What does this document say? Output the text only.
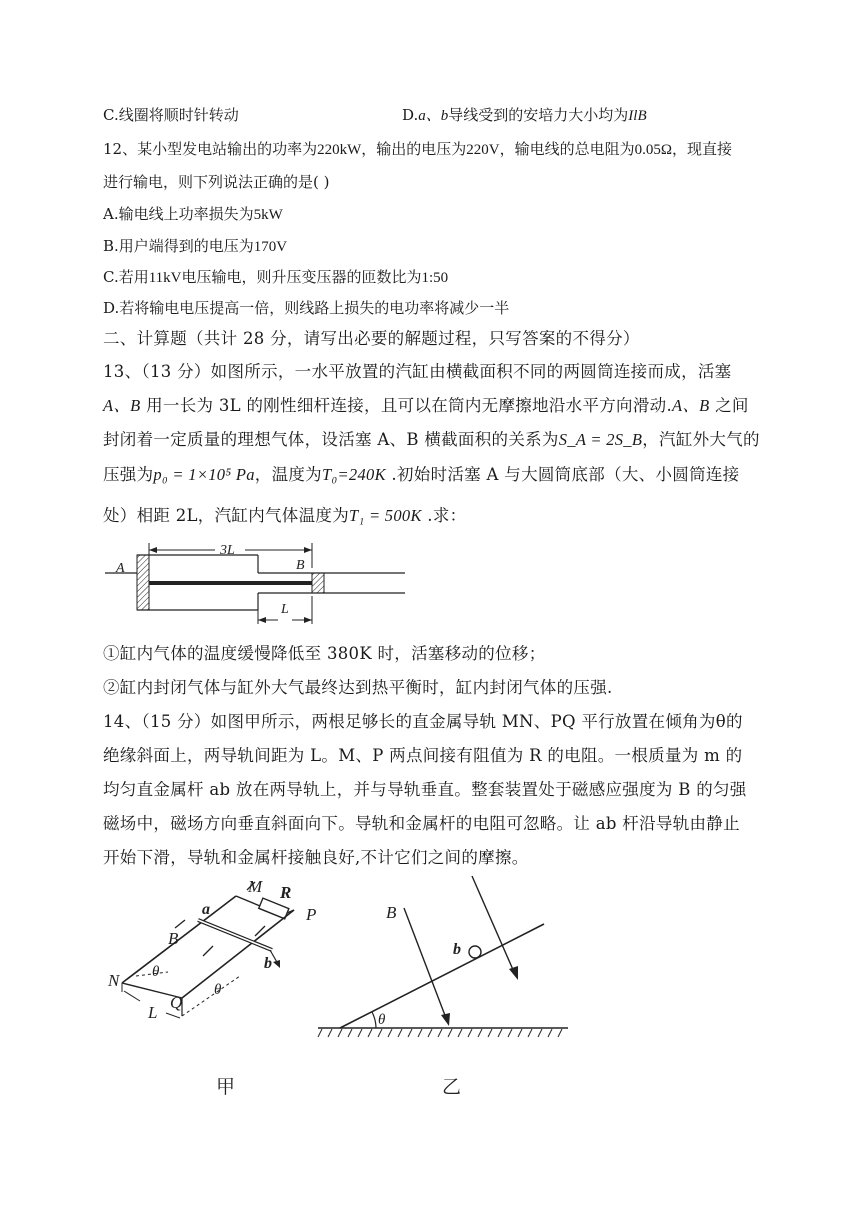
C.线圈将顺时针转动	D.a、b导线受到的安培力大小均为IlB
12、某小型发电站输出的功率为220kW，输出的电压为220V，输电线的总电阻为0.05Ω，现直接
进行输电，则下列说法正确的是( )
A.输电线上功率损失为5kW
B.用户端得到的电压为170V
C.若用11kV电压输电，则升压变压器的匝数比为1:50
D.若将输电电压提高一倍，则线路上损失的电功率将减少一半
二、计算题（共计 28 分，请写出必要的解题过程，只写答案的不得分）
13、（13 分）如图所示，一水平放置的汽缸由横截面积不同的两圆筒连接而成，活塞
A、B 用一长为 3L 的刚性细杆连接，且可以在筒内无摩擦地沿水平方向滑动.A、B 之间
封闭着一定质量的理想气体，设活塞 A、B 横截面积的关系为S_A = 2S_B，汽缸外大气的
压强为p₀ = 1×10⁵ Pa，温度为T₀=240K .初始时活塞 A 与大圆筒底部（大、小圆筒连接
处）相距 2L，汽缸内气体温度为T₁ = 500K .求：
3L
L
A	B
①缸内气体的温度缓慢降低至 380K 时，活塞移动的位移；
②缸内封闭气体与缸外大气最终达到热平衡时，缸内封闭气体的压强.
14、（15 分）如图甲所示，两根足够长的直金属导轨 MN、PQ 平行放置在倾角为θ的
绝缘斜面上，两导轨间距为 L。M、P 两点间接有阻值为 R 的电阻。一根质量为 m 的
均匀直金属杆 ab 放在两导轨上，并与导轨垂直。整套装置处于磁感应强度为 B 的匀强
磁场中，磁场方向垂直斜面向下。导轨和金属杆的电阻可忽略。让 ab 杆沿导轨由静止
开始下滑，导轨和金属杆接触良好,不计它们之间的摩擦。
M R
P
a
b
B
N
Q
L
θ
θ
甲
B
b
θ
乙
